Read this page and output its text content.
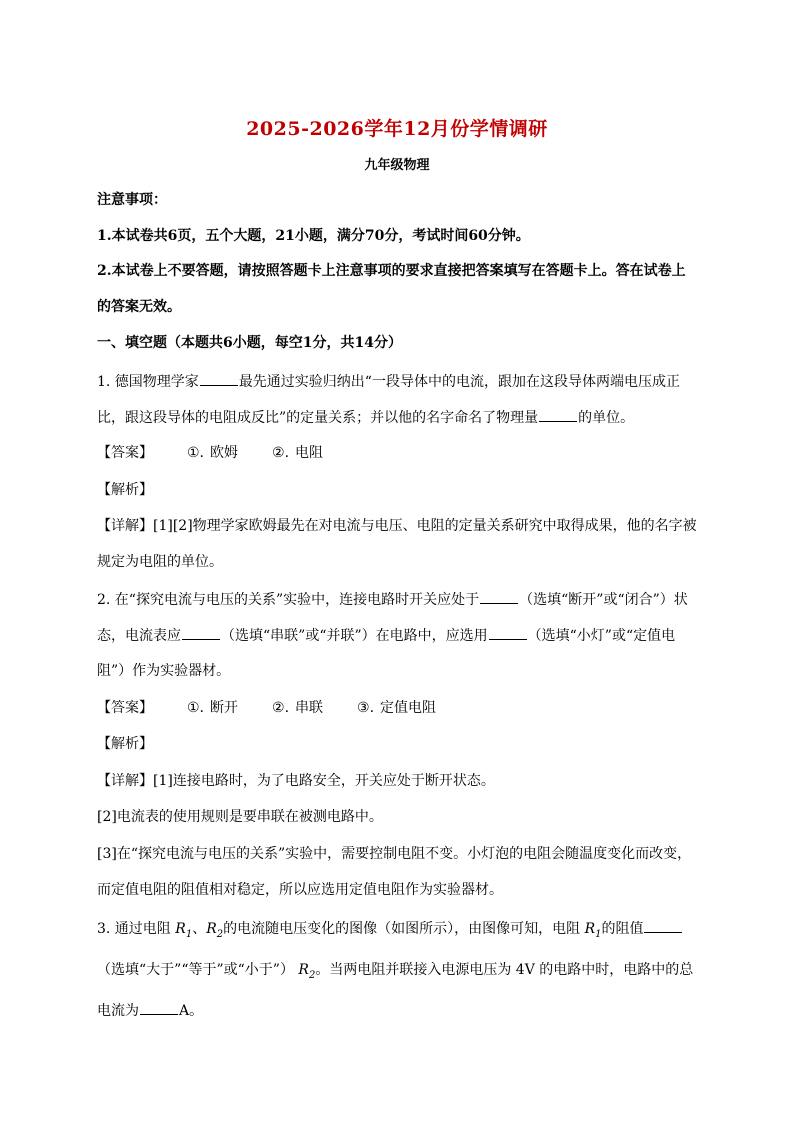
2025-2026学年12月份学情调研
九年级物理
注意事项：
1.本试卷共6页，五个大题，21小题，满分70分，考试时间60分钟。
2.本试卷上不要答题，请按照答题卡上注意事项的要求直接把答案填写在答题卡上。答在试卷上
的答案无效。
一、填空题（本题共6小题，每空1分，共14分）
1. 德国物理学家	最先通过实验归纳出“一段导体中的电流，跟加在这段导体两端电压成正
比，跟这段导体的电阻成反比”的定量关系；并以他的名字命名了物理量	的单位。
【答案】 ①. 欧姆 ②. 电阻
【解析】
【详解】[1][2]物理学家欧姆最先在对电流与电压、电阻的定量关系研究中取得成果，他的名字被
规定为电阻的单位。
2. 在“探究电流与电压的关系”实验中，连接电路时开关应处于	（选填“断开”或“闭合”）状
态，电流表应	（选填“串联”或“并联”）在电路中，应选用	（选填“小灯”或“定值电
阻”）作为实验器材。
【答案】 ①. 断开 ②. 串联 ③. 定值电阻
【解析】
【详解】[1]连接电路时，为了电路安全，开关应处于断开状态。
[2]电流表的使用规则是要串联在被测电路中。
[3]在“探究电流与电压的关系”实验中，需要控制电阻不变。小灯泡的电阻会随温度变化而改变，
而定值电阻的阻值相对稳定，所以应选用定值电阻作为实验器材。
3. 通过电阻 $R_1$、$R_2$的电流随电压变化的图像（如图所示），由图像可知，电阻 $R_1$的阻值
（选填“大于”“等于”或“小于”） $R_2$。当两电阻并联接入电源电压为 4V 的电路中时，电路中的总
电流为	A。
